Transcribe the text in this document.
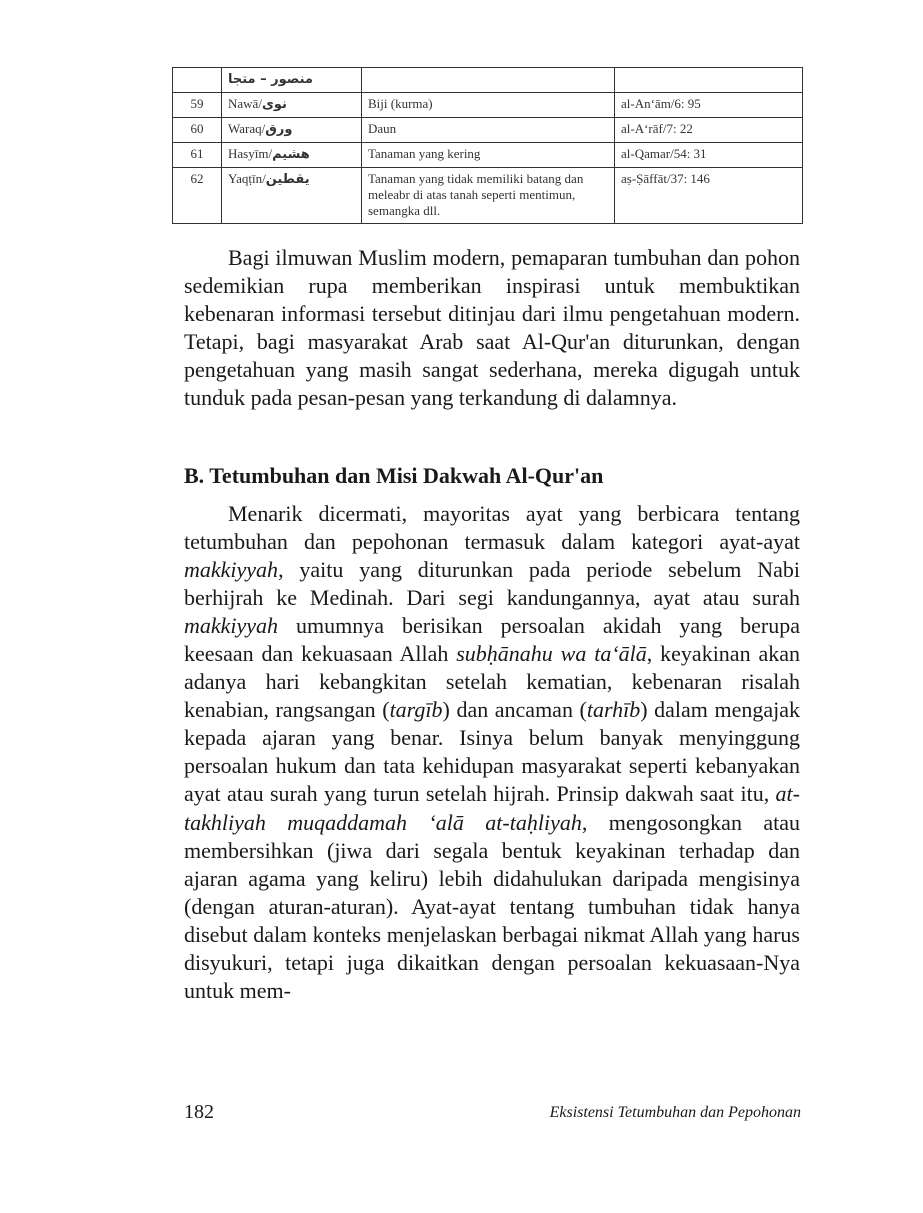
	ﻣﻨﺼﻮﺭ – ﻣﺘﺠﺎ		
59	Nawā/ﻧﻮﻯ	Biji (kurma)	al-An‘ām/6: 95
60	Waraq/ﻭﺭﻕ	Daun	al-A‘rāf/7: 22
61	Hasyīm/ﻫﺸﻴﻢ	Tanaman yang kering	al-Qamar/54: 31
62	Yaqṭīn/ﻳﻘﻄﻴﻦ	Tanaman yang tidak memiliki batang dan meleabr di atas tanah seperti mentimun, semangka dll.	aṣ-Ṣāffāt/37: 146

Bagi ilmuwan Muslim modern, pemaparan tumbuhan dan pohon sedemikian rupa memberikan inspirasi untuk membuktikan kebenaran informasi tersebut ditinjau dari ilmu pengetahuan modern. Tetapi, bagi masyarakat Arab saat Al-Qur'an diturunkan, dengan pengetahuan yang masih sangat sederhana, mereka digugah untuk tunduk pada pesan-pesan yang terkandung di dalamnya.

B. Tetumbuhan dan Misi Dakwah Al-Qur'an

Menarik dicermati, mayoritas ayat yang berbicara tentang tetumbuhan dan pepohonan termasuk dalam kategori ayat-ayat makkiyyah, yaitu yang diturunkan pada periode sebelum Nabi berhijrah ke Medinah. Dari segi kandungannya, ayat atau surah makkiyyah umumnya berisikan persoalan akidah yang berupa keesaan dan kekuasaan Allah subḥānahu wa ta‘ālā, keyakinan akan adanya hari kebangkitan setelah kematian, kebenaran risalah kenabian, rangsangan (targīb) dan ancaman (tarhīb) dalam mengajak kepada ajaran yang benar. Isinya belum banyak menyinggung persoalan hukum dan tata kehidupan masyarakat seperti kebanyakan ayat atau surah yang turun setelah hijrah. Prinsip dakwah saat itu, at-takhliyah muqaddamah ‘alā at-taḥliyah, mengosongkan atau membersihkan (jiwa dari segala bentuk keyakinan terhadap dan ajaran agama yang keliru) lebih didahulukan daripada mengisinya (dengan aturan-aturan). Ayat-ayat tentang tumbuhan tidak hanya disebut dalam konteks menjelaskan berbagai nikmat Allah yang harus disyukuri, tetapi juga dikaitkan dengan persoalan kekuasaan-Nya untuk mem-

182	Eksistensi Tetumbuhan dan Pepohonan
